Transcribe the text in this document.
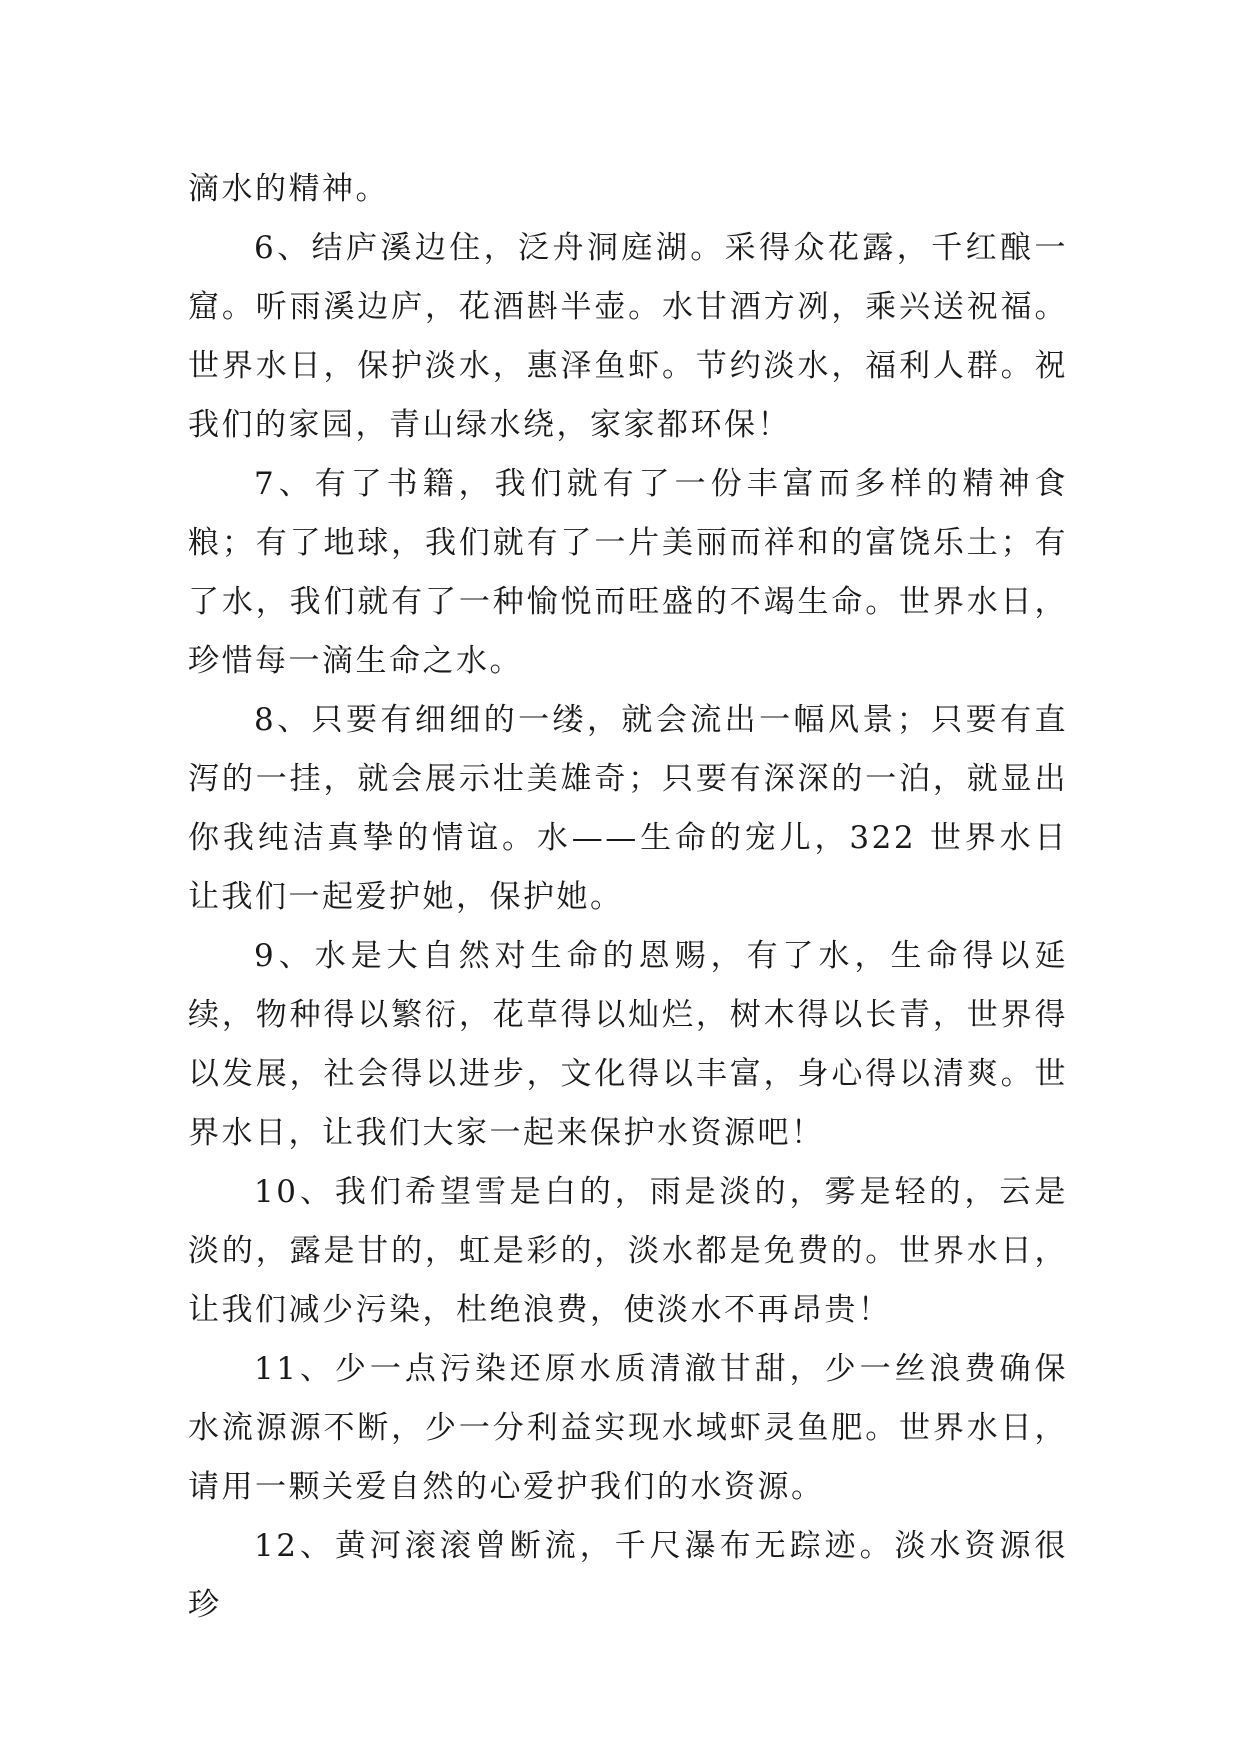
滴水的精神。

6、结庐溪边住，泛舟洞庭湖。采得众花露，千红酿一窟。听雨溪边庐，花酒斟半壶。水甘酒方冽，乘兴送祝福。世界水日，保护淡水，惠泽鱼虾。节约淡水，福利人群。祝我们的家园，青山绿水绕，家家都环保！

7、有了书籍，我们就有了一份丰富而多样的精神食粮；有了地球，我们就有了一片美丽而祥和的富饶乐土；有了水，我们就有了一种愉悦而旺盛的不竭生命。世界水日，珍惜每一滴生命之水。

8、只要有细细的一缕，就会流出一幅风景；只要有直泻的一挂，就会展示壮美雄奇；只要有深深的一泊，就显出你我纯洁真挚的情谊。水——生命的宠儿，322 世界水日让我们一起爱护她，保护她。

9、水是大自然对生命的恩赐，有了水，生命得以延续，物种得以繁衍，花草得以灿烂，树木得以长青，世界得以发展，社会得以进步，文化得以丰富，身心得以清爽。世界水日，让我们大家一起来保护水资源吧！

10、我们希望雪是白的，雨是淡的，雾是轻的，云是淡的，露是甘的，虹是彩的，淡水都是免费的。世界水日，让我们减少污染，杜绝浪费，使淡水不再昂贵！

11、少一点污染还原水质清澈甘甜，少一丝浪费确保水流源源不断，少一分利益实现水域虾灵鱼肥。世界水日，请用一颗关爱自然的心爱护我们的水资源。

12、黄河滚滚曾断流，千尺瀑布无踪迹。淡水资源很珍
